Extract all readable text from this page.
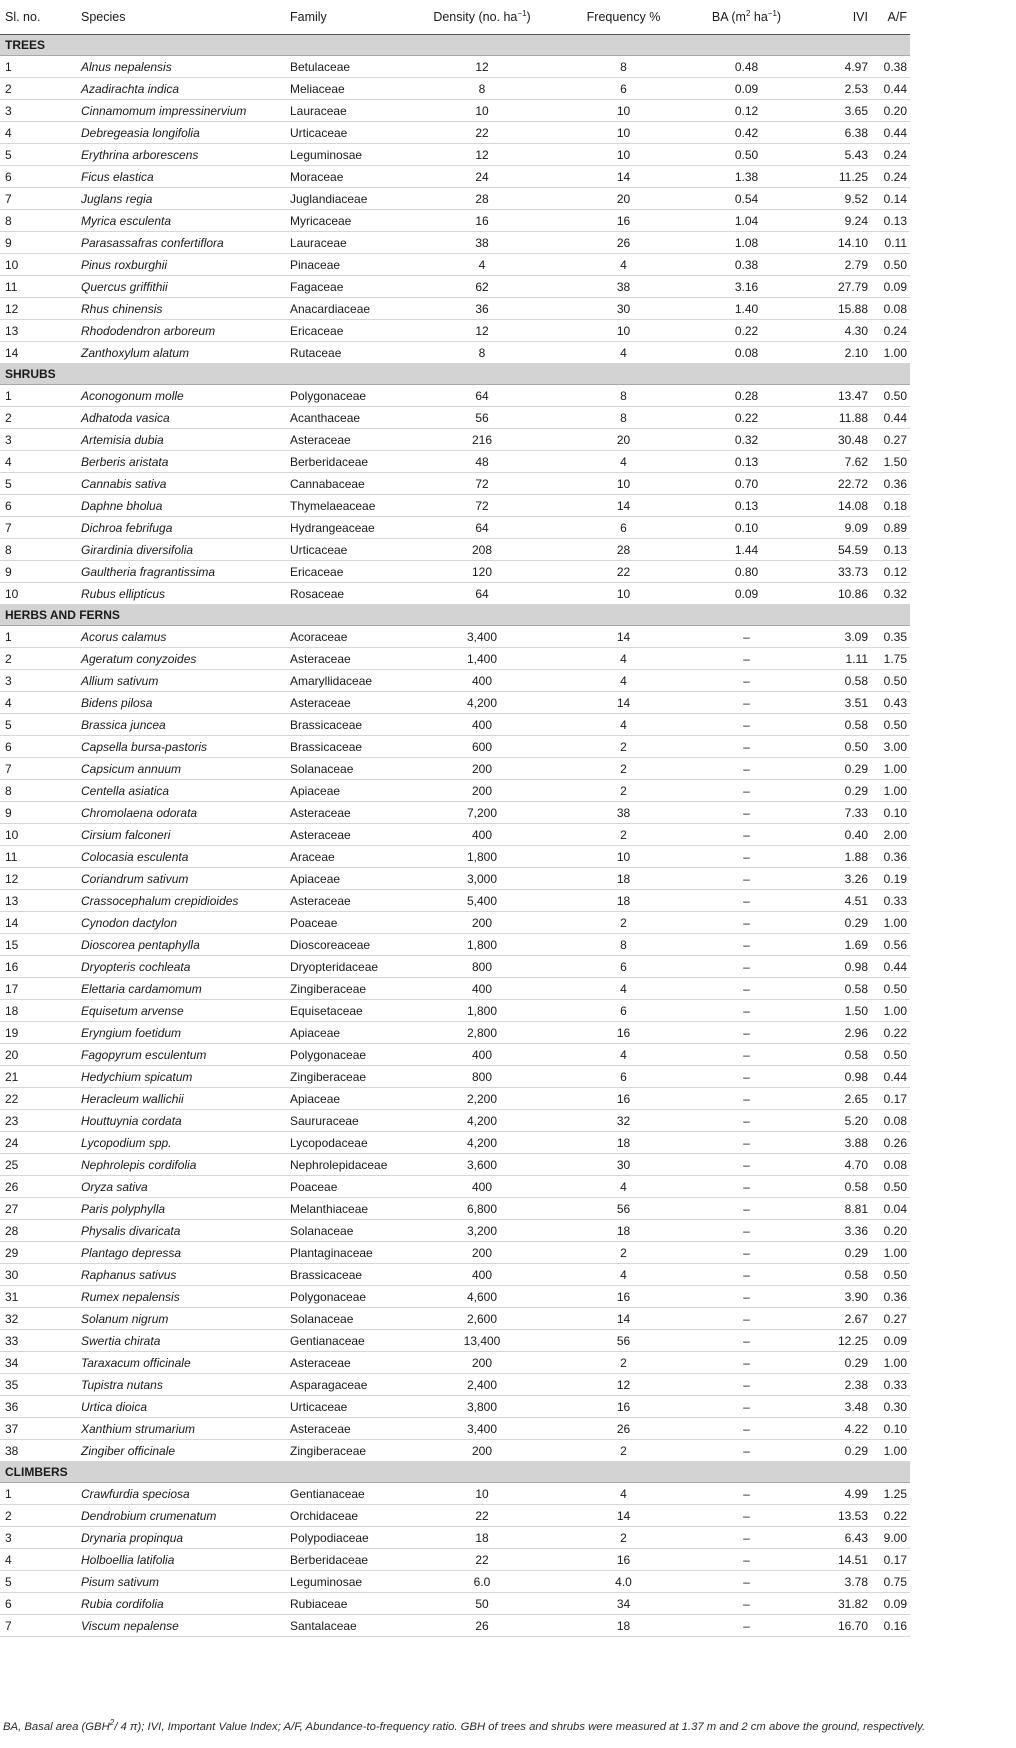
Sl. no.	Species	Family	Density (no. $ha^{-1}$)	Frequency %	BA ($m^2$ $ha^{-1}$)	IVI	A/F
TREES							
1	Alnus nepalensis	Betulaceae	12	8	0.48	4.97	0.38
2	Azadirachta indica	Meliaceae	8	6	0.09	2.53	0.44
3	Cinnamomum impressinervium	Lauraceae	10	10	0.12	3.65	0.20
4	Debregeasia longifolia	Urticaceae	22	10	0.42	6.38	0.44
5	Erythrina arborescens	Leguminosae	12	10	0.50	5.43	0.24
6	Ficus elastica	Moraceae	24	14	1.38	11.25	0.24
7	Juglans regia	Juglandiaceae	28	20	0.54	9.52	0.14
8	Myrica esculenta	Myricaceae	16	16	1.04	9.24	0.13
9	Parasassafras confertiflora	Lauraceae	38	26	1.08	14.10	0.11
10	Pinus roxburghii	Pinaceae	4	4	0.38	2.79	0.50
11	Quercus griffithii	Fagaceae	62	38	3.16	27.79	0.09
12	Rhus chinensis	Anacardiaceae	36	30	1.40	15.88	0.08
13	Rhododendron arboreum	Ericaceae	12	10	0.22	4.30	0.24
14	Zanthoxylum alatum	Rutaceae	8	4	0.08	2.10	1.00
SHRUBS							
1	Aconogonum molle	Polygonaceae	64	8	0.28	13.47	0.50
2	Adhatoda vasica	Acanthaceae	56	8	0.22	11.88	0.44
3	Artemisia dubia	Asteraceae	216	20	0.32	30.48	0.27
4	Berberis aristata	Berberidaceae	48	4	0.13	7.62	1.50
5	Cannabis sativa	Cannabaceae	72	10	0.70	22.72	0.36
6	Daphne bholua	Thymelaeaceae	72	14	0.13	14.08	0.18
7	Dichroa febrifuga	Hydrangeaceae	64	6	0.10	9.09	0.89
8	Girardinia diversifolia	Urticaceae	208	28	1.44	54.59	0.13
9	Gaultheria fragrantissima	Ericaceae	120	22	0.80	33.73	0.12
10	Rubus ellipticus	Rosaceae	64	10	0.09	10.86	0.32
HERBS AND FERNS							
1	Acorus calamus	Acoraceae	3,400	14	–	3.09	0.35
2	Ageratum conyzoides	Asteraceae	1,400	4	–	1.11	1.75
3	Allium sativum	Amaryllidaceae	400	4	–	0.58	0.50
4	Bidens pilosa	Asteraceae	4,200	14	–	3.51	0.43
5	Brassica juncea	Brassicaceae	400	4	–	0.58	0.50
6	Capsella bursa-pastoris	Brassicaceae	600	2	–	0.50	3.00
7	Capsicum annuum	Solanaceae	200	2	–	0.29	1.00
8	Centella asiatica	Apiaceae	200	2	–	0.29	1.00
9	Chromolaena odorata	Asteraceae	7,200	38	–	7.33	0.10
10	Cirsium falconeri	Asteraceae	400	2	–	0.40	2.00
11	Colocasia esculenta	Araceae	1,800	10	–	1.88	0.36
12	Coriandrum sativum	Apiaceae	3,000	18	–	3.26	0.19
13	Crassocephalum crepidioides	Asteraceae	5,400	18	–	4.51	0.33
14	Cynodon dactylon	Poaceae	200	2	–	0.29	1.00
15	Dioscorea pentaphylla	Dioscoreaceae	1,800	8	–	1.69	0.56
16	Dryopteris cochleata	Dryopteridaceae	800	6	–	0.98	0.44
17	Elettaria cardamomum	Zingiberaceae	400	4	–	0.58	0.50
18	Equisetum arvense	Equisetaceae	1,800	6	–	1.50	1.00
19	Eryngium foetidum	Apiaceae	2,800	16	–	2.96	0.22
20	Fagopyrum esculentum	Polygonaceae	400	4	–	0.58	0.50
21	Hedychium spicatum	Zingiberaceae	800	6	–	0.98	0.44
22	Heracleum wallichii	Apiaceae	2,200	16	–	2.65	0.17
23	Houttuynia cordata	Saururaceae	4,200	32	–	5.20	0.08
24	Lycopodium spp.	Lycopodaceae	4,200	18	–	3.88	0.26
25	Nephrolepis cordifolia	Nephrolepidaceae	3,600	30	–	4.70	0.08
26	Oryza sativa	Poaceae	400	4	–	0.58	0.50
27	Paris polyphylla	Melanthiaceae	6,800	56	–	8.81	0.04
28	Physalis divaricata	Solanaceae	3,200	18	–	3.36	0.20
29	Plantago depressa	Plantaginaceae	200	2	–	0.29	1.00
30	Raphanus sativus	Brassicaceae	400	4	–	0.58	0.50
31	Rumex nepalensis	Polygonaceae	4,600	16	–	3.90	0.36
32	Solanum nigrum	Solanaceae	2,600	14	–	2.67	0.27
33	Swertia chirata	Gentianaceae	13,400	56	–	12.25	0.09
34	Taraxacum officinale	Asteraceae	200	2	–	0.29	1.00
35	Tupistra nutans	Asparagaceae	2,400	12	–	2.38	0.33
36	Urtica dioica	Urticaceae	3,800	16	–	3.48	0.30
37	Xanthium strumarium	Asteraceae	3,400	26	–	4.22	0.10
38	Zingiber officinale	Zingiberaceae	200	2	–	0.29	1.00
CLIMBERS							
1	Crawfurdia speciosa	Gentianaceae	10	4	–	4.99	1.25
2	Dendrobium crumenatum	Orchidaceae	22	14	–	13.53	0.22
3	Drynaria propinqua	Polypodiaceae	18	2	–	6.43	9.00
4	Holboellia latifolia	Berberidaceae	22	16	–	14.51	0.17
5	Pisum sativum	Leguminosae	6.0	4.0	–	3.78	0.75
6	Rubia cordifolia	Rubiaceae	50	34	–	31.82	0.09
7	Viscum nepalense	Santalaceae	26	18	–	16.70	0.16
BA, Basal area (GBH$^2$/ 4 π); IVI, Important Value Index; A/F, Abundance-to-frequency ratio. GBH of trees and shrubs were measured at 1.37 m and 2 cm above the ground, respectively.
